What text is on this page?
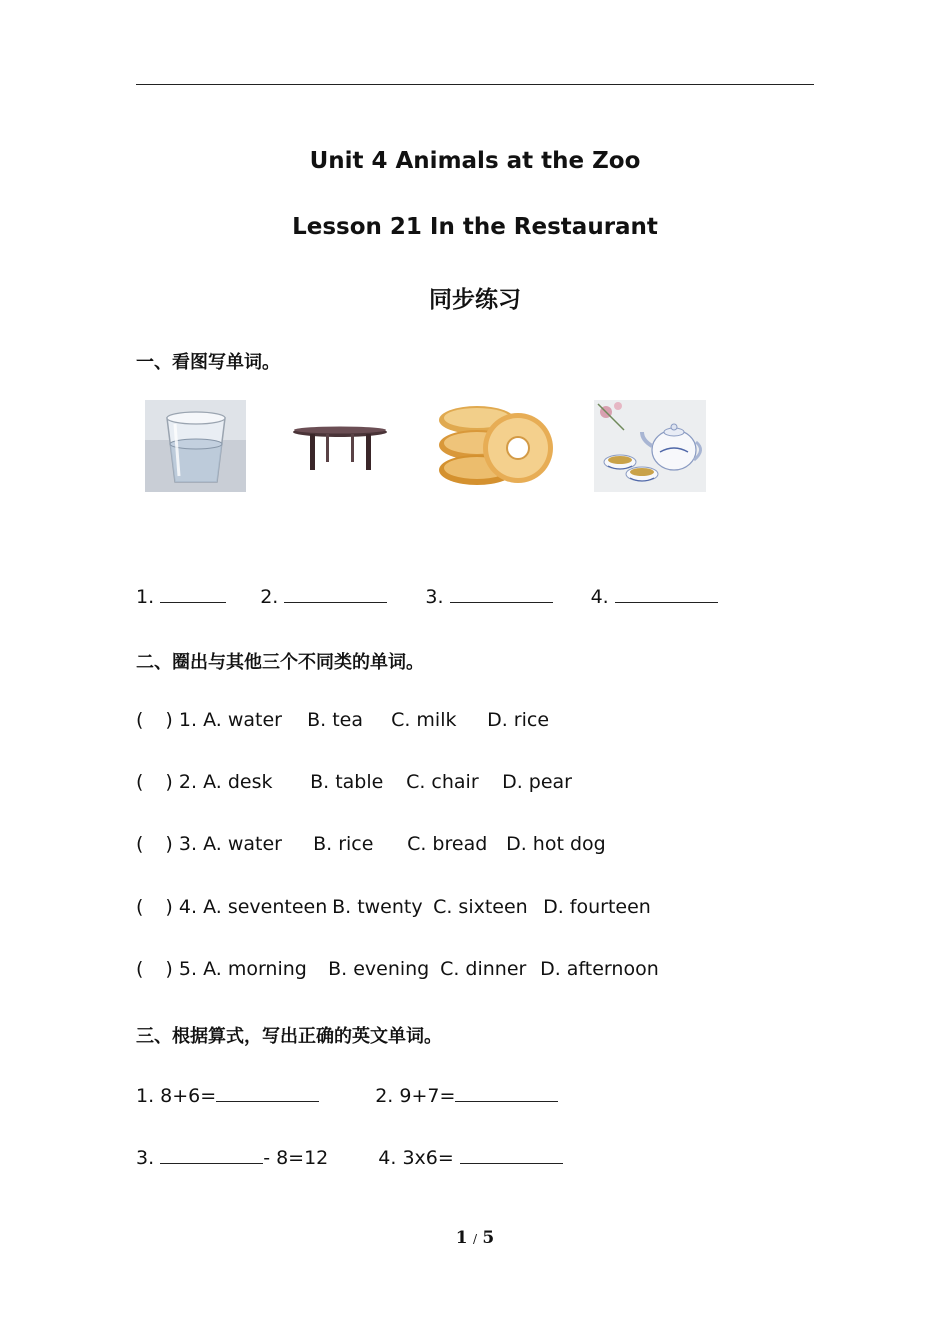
Unit 4 Animals at the Zoo
Lesson 21 In the Restaurant
同步练习
一、看图写单词。
1.	2.	3.	4.
二、圈出与其他三个不同类的单词。
( ) 1. A. water B. tea C. milk D. rice
( ) 2. A. desk B. table C. chair D. pear
( ) 3. A. water B. rice C. bread D. hot dog
( ) 4. A. seventeen B. twenty C. sixteen D. fourteen
( ) 5. A. morning B. evening C. dinner D. afternoon
三、根据算式，写出正确的英文单词。
1. 8+6=	2. 9+7=
3.	- 8=12	4. 3x6=
1 / 5
